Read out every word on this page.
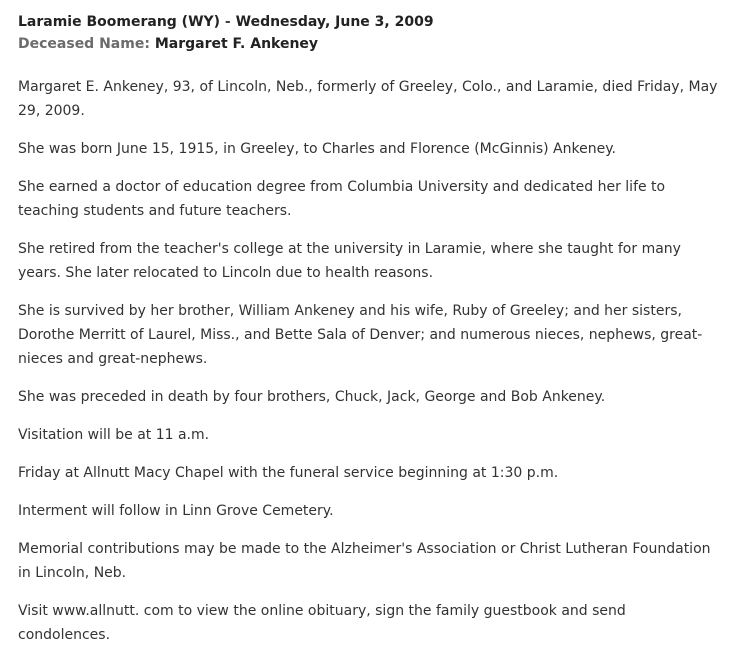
Laramie Boomerang (WY) - Wednesday, June 3, 2009
Deceased Name: Margaret F. Ankeney

Margaret E. Ankeney, 93, of Lincoln, Neb., formerly of Greeley, Colo., and Laramie, died Friday, May 29, 2009.

She was born June 15, 1915, in Greeley, to Charles and Florence (McGinnis) Ankeney.

She earned a doctor of education degree from Columbia University and dedicated her life to teaching students and future teachers.

She retired from the teacher's college at the university in Laramie, where she taught for many years. She later relocated to Lincoln due to health reasons.

She is survived by her brother, William Ankeney and his wife, Ruby of Greeley; and her sisters, Dorothe Merritt of Laurel, Miss., and Bette Sala of Denver; and numerous nieces, nephews, great-nieces and great-nephews.

She was preceded in death by four brothers, Chuck, Jack, George and Bob Ankeney.

Visitation will be at 11 a.m.

Friday at Allnutt Macy Chapel with the funeral service beginning at 1:30 p.m.

Interment will follow in Linn Grove Cemetery.

Memorial contributions may be made to the Alzheimer's Association or Christ Lutheran Foundation in Lincoln, Neb.

Visit www.allnutt. com to view the online obituary, sign the family guestbook and send condolences.
